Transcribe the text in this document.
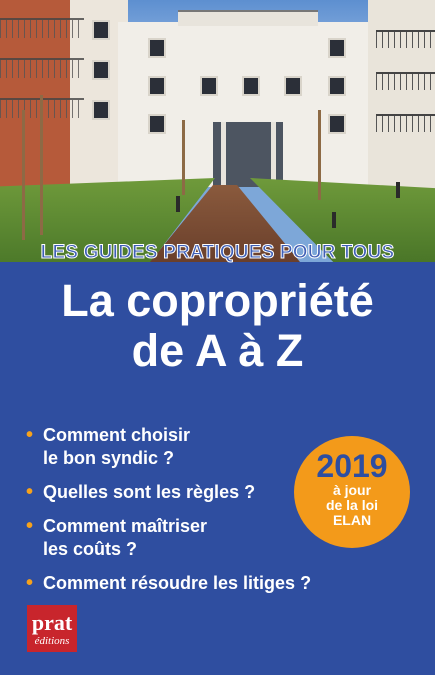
LES GUIDES PRATIQUES POUR TOUS
La copropriété
de A à Z
• Comment choisir
le bon syndic ?
• Quelles sont les règles ?
• Comment maîtriser
les coûts ?
• Comment résoudre les litiges ?
2019
à jour
de la loi
ELAN
prat
éditions
